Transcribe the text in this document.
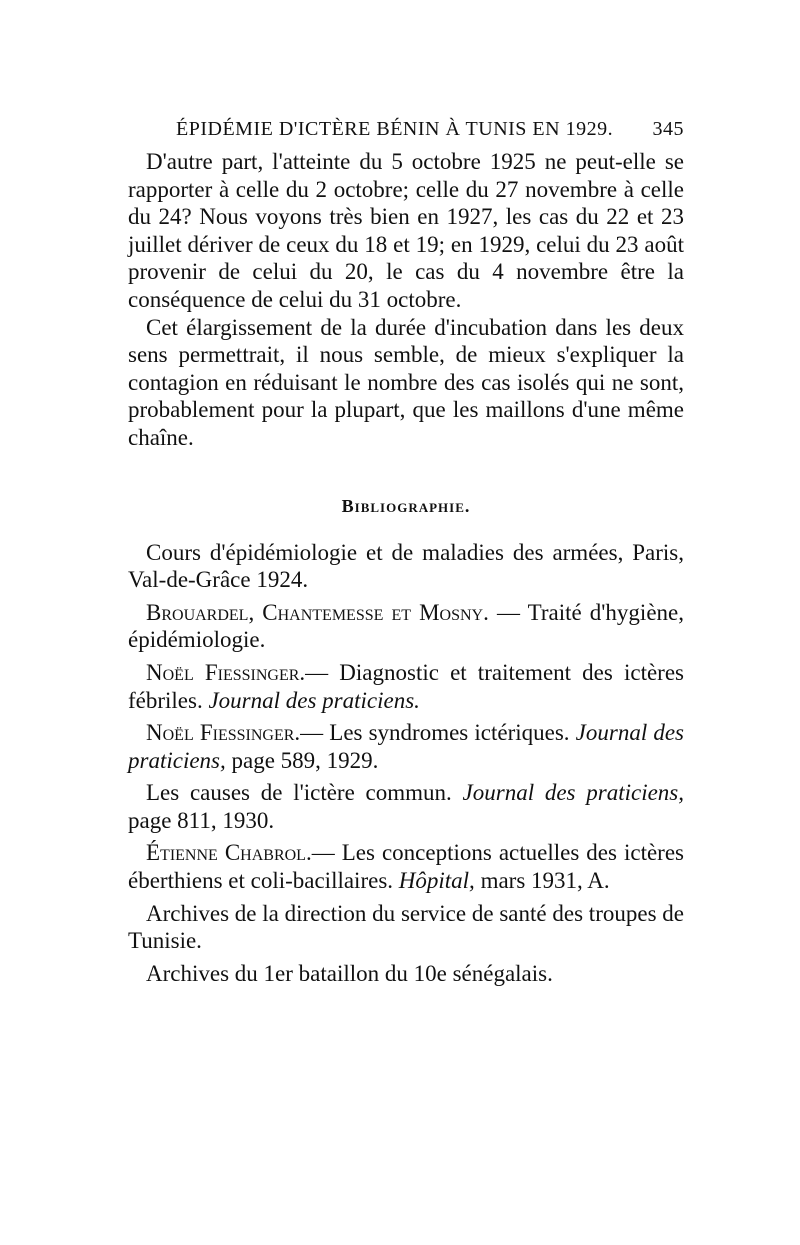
ÉPIDÉMIE D'ICTÈRE BÉNIN À TUNIS EN 1929. 345

D'autre part, l'atteinte du 5 octobre 1925 ne peut-elle se rapporter à celle du 2 octobre; celle du 27 novembre à celle du 24? Nous voyons très bien en 1927, les cas du 22 et 23 juillet dériver de ceux du 18 et 19; en 1929, celui du 23 août provenir de celui du 20, le cas du 4 novembre être la conséquence de celui du 31 octobre.

Cet élargissement de la durée d'incubation dans les deux sens permettrait, il nous semble, de mieux s'expliquer la contagion en réduisant le nombre des cas isolés qui ne sont, probablement pour la plupart, que les maillons d'une même chaîne.

Bibliographie.

Cours d'épidémiologie et de maladies des armées, Paris, Val-de-Grâce 1924.

Brouardel, Chantemesse et Mosny. — Traité d'hygiène, épidémiologie.

Noël Fiessinger.— Diagnostic et traitement des ictères fébriles. Journal des praticiens.

Noël Fiessinger.— Les syndromes ictériques. Journal des praticiens, page 589, 1929.

Les causes de l'ictère commun. Journal des praticiens, page 811, 1930.

Étienne Chabrol.— Les conceptions actuelles des ictères éberthiens et coli-bacillaires. Hôpital, mars 1931, A.

Archives de la direction du service de santé des troupes de Tunisie.

Archives du 1er bataillon du 10e sénégalais.
